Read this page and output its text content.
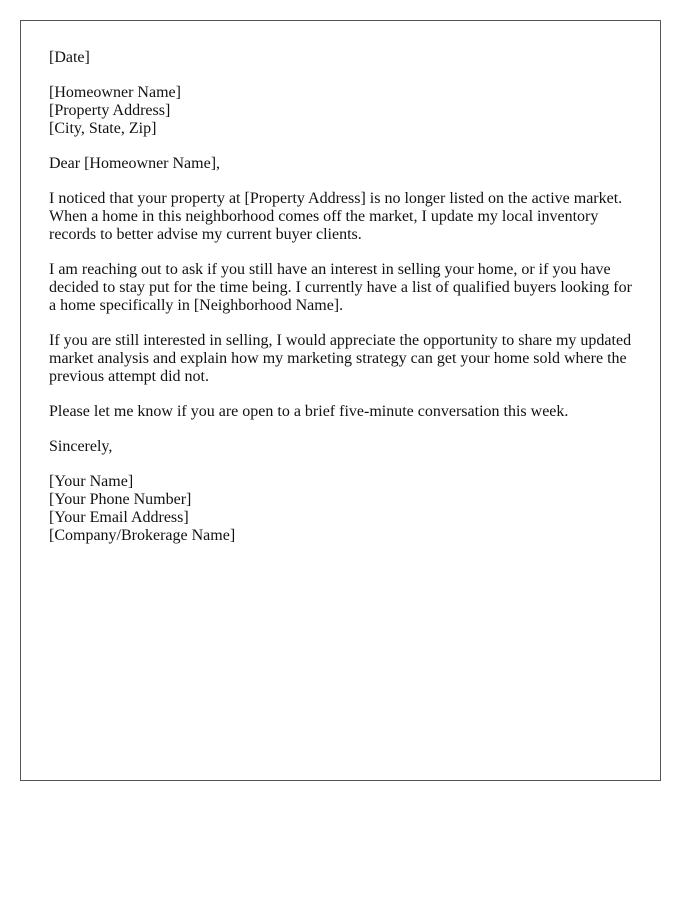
[Date]
[Homeowner Name]
[Property Address]
[City, State, Zip]
Dear [Homeowner Name],
I noticed that your property at [Property Address] is no longer listed on the active market.
When a home in this neighborhood comes off the market, I update my local inventory
records to better advise my current buyer clients.
I am reaching out to ask if you still have an interest in selling your home, or if you have
decided to stay put for the time being. I currently have a list of qualified buyers looking for
a home specifically in [Neighborhood Name].
If you are still interested in selling, I would appreciate the opportunity to share my updated
market analysis and explain how my marketing strategy can get your home sold where the
previous attempt did not.
Please let me know if you are open to a brief five-minute conversation this week.
Sincerely,
[Your Name]
[Your Phone Number]
[Your Email Address]
[Company/Brokerage Name]
